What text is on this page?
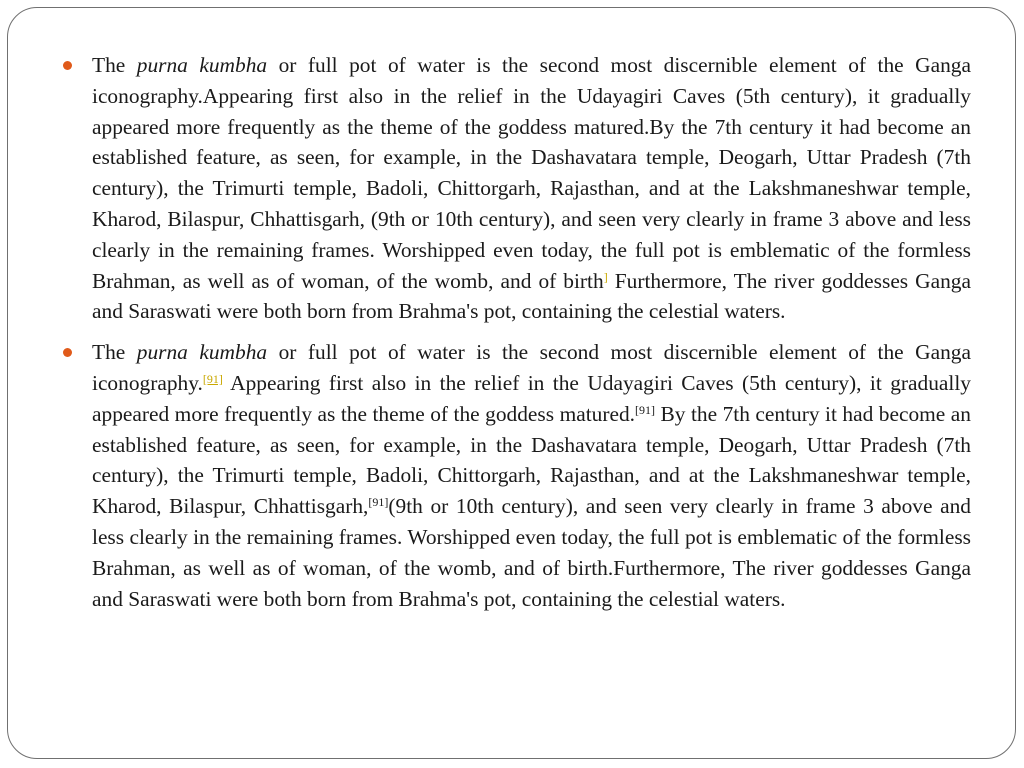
The purna kumbha or full pot of water is the second most discernible element of the Ganga iconography.Appearing first also in the relief in the Udayagiri Caves (5th century), it gradually appeared more frequently as the theme of the goddess matured.By the 7th century it had become an established feature, as seen, for example, in the Dashavatara temple, Deogarh, Uttar Pradesh (7th century), the Trimurti temple, Badoli, Chittorgarh, Rajasthan, and at the Lakshmaneshwar temple, Kharod, Bilaspur, Chhattisgarh, (9th or 10th century), and seen very clearly in frame 3 above and less clearly in the remaining frames. Worshipped even today, the full pot is emblematic of the formless Brahman, as well as of woman, of the womb, and of birth] Furthermore, The river goddesses Ganga and Saraswati were both born from Brahma's pot, containing the celestial waters.

The purna kumbha or full pot of water is the second most discernible element of the Ganga iconography.[91] Appearing first also in the relief in the Udayagiri Caves (5th century), it gradually appeared more frequently as the theme of the goddess matured.[91] By the 7th century it had become an established feature, as seen, for example, in the Dashavatara temple, Deogarh, Uttar Pradesh (7th century), the Trimurti temple, Badoli, Chittorgarh, Rajasthan, and at the Lakshmaneshwar temple, Kharod, Bilaspur, Chhattisgarh,[91](9th or 10th century), and seen very clearly in frame 3 above and less clearly in the remaining frames. Worshipped even today, the full pot is emblematic of the formless Brahman, as well as of woman, of the womb, and of birth.Furthermore, The river goddesses Ganga and Saraswati were both born from Brahma's pot, containing the celestial waters.
